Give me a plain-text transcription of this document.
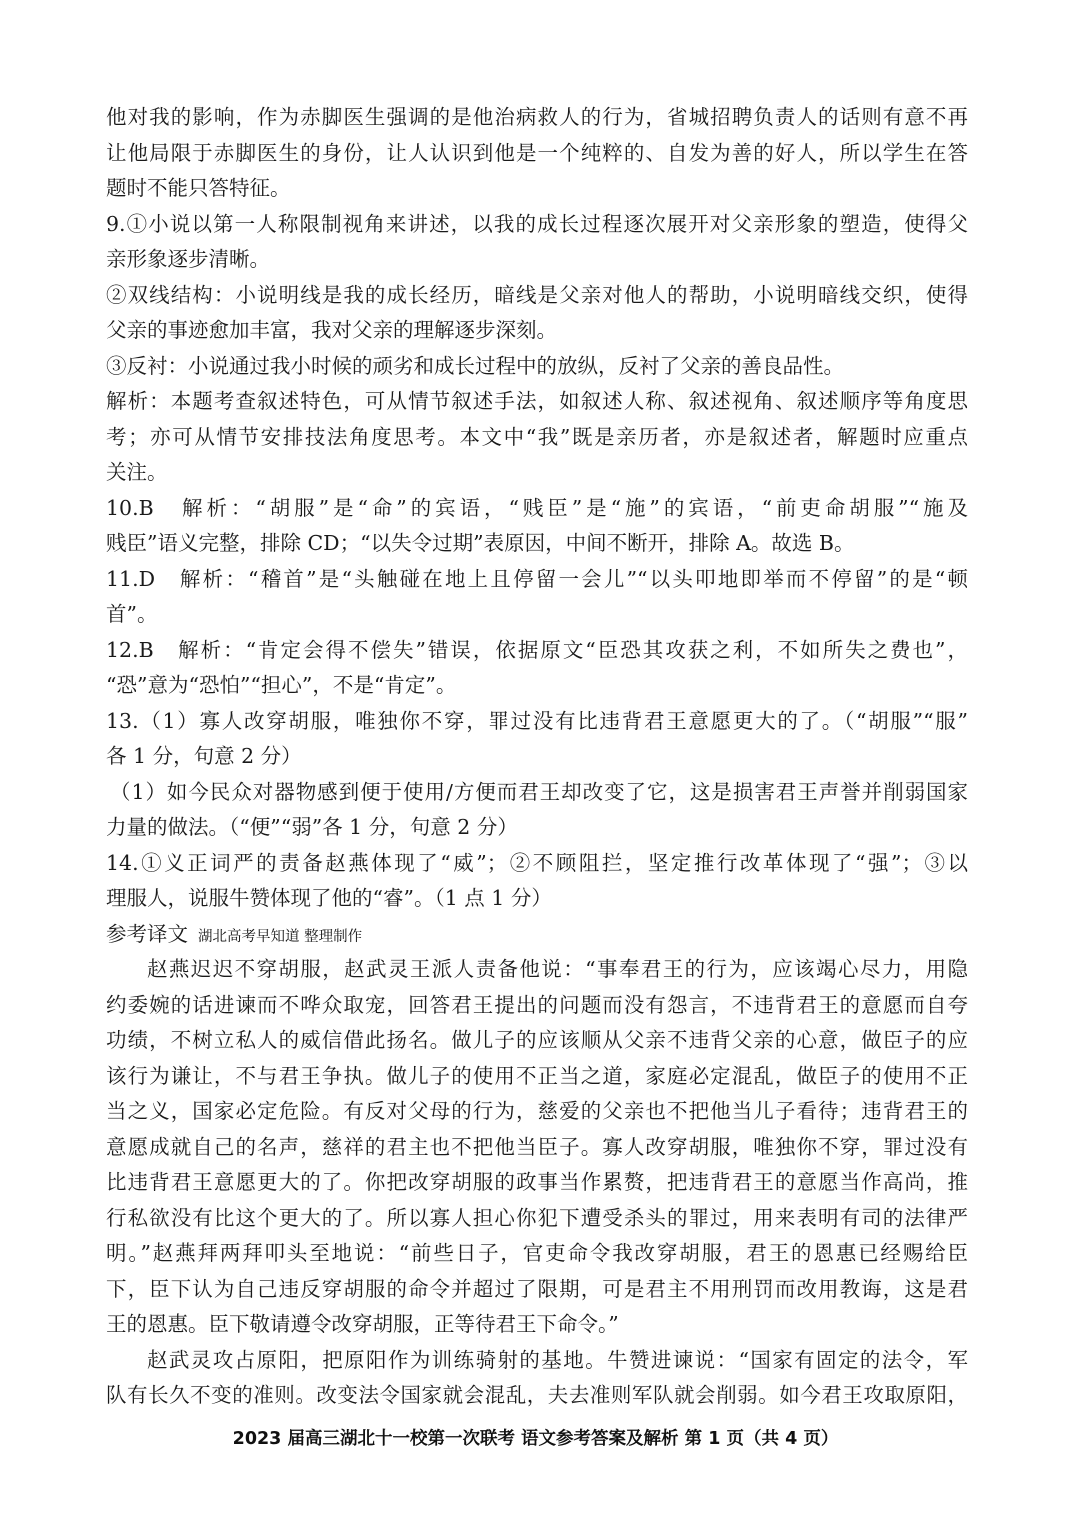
他对我的影响，作为赤脚医生强调的是他治病救人的行为，省城招聘负责人的话则有意不再
让他局限于赤脚医生的身份，让人认识到他是一个纯粹的、自发为善的好人，所以学生在答
题时不能只答特征。
9.①小说以第一人称限制视角来讲述，以我的成长过程逐次展开对父亲形象的塑造，使得父
亲形象逐步清晰。
②双线结构：小说明线是我的成长经历，暗线是父亲对他人的帮助，小说明暗线交织，使得
父亲的事迹愈加丰富，我对父亲的理解逐步深刻。
③反衬：小说通过我小时候的顽劣和成长过程中的放纵，反衬了父亲的善良品性。
解析：本题考查叙述特色，可从情节叙述手法，如叙述人称、叙述视角、叙述顺序等角度思
考；亦可从情节安排技法角度思考。本文中“我”既是亲历者，亦是叙述者，解题时应重点
关注。
10.B　解析：“胡服”是“命”的宾语，“贱臣”是“施”的宾语，“前吏命胡服”“施及
贱臣”语义完整，排除 CD；“以失令过期”表原因，中间不断开，排除 A。故选 B。
11.D　解析：“稽首”是“头触碰在地上且停留一会儿”“以头叩地即举而不停留”的是“顿
首”。
12.B　解析：“肯定会得不偿失”错误，依据原文“臣恐其攻获之利，不如所失之费也”，
“恐”意为“恐怕”“担心”，不是“肯定”。
13.（1）寡人改穿胡服，唯独你不穿，罪过没有比违背君王意愿更大的了。（“胡服”“服”
各 1 分，句意 2 分）
（1）如今民众对器物感到便于使用/方便而君王却改变了它，这是损害君王声誉并削弱国家
力量的做法。（“便”“弱”各 1 分，句意 2 分）
14.①义正词严的责备赵燕体现了“威”；②不顾阻拦，坚定推行改革体现了“强”；③以
理服人，说服牛赞体现了他的“睿”。（1 点 1 分）
参考译文 湖北高考早知道 整理制作
赵燕迟迟不穿胡服，赵武灵王派人责备他说：“事奉君王的行为，应该竭心尽力，用隐
约委婉的话进谏而不哗众取宠，回答君王提出的问题而没有怨言，不违背君王的意愿而自夸
功绩，不树立私人的威信借此扬名。做儿子的应该顺从父亲不违背父亲的心意，做臣子的应
该行为谦让，不与君王争执。做儿子的使用不正当之道，家庭必定混乱，做臣子的使用不正
当之义，国家必定危险。有反对父母的行为，慈爱的父亲也不把他当儿子看待；违背君王的
意愿成就自己的名声，慈祥的君主也不把他当臣子。寡人改穿胡服，唯独你不穿，罪过没有
比违背君王意愿更大的了。你把改穿胡服的政事当作累赘，把违背君王的意愿当作高尚，推
行私欲没有比这个更大的了。所以寡人担心你犯下遭受杀头的罪过，用来表明有司的法律严
明。”赵燕拜两拜叩头至地说：“前些日子，官吏命令我改穿胡服，君王的恩惠已经赐给臣
下，臣下认为自己违反穿胡服的命令并超过了限期，可是君主不用刑罚而改用教诲，这是君
王的恩惠。臣下敬请遵令改穿胡服，正等待君王下命令。”
赵武灵攻占原阳，把原阳作为训练骑射的基地。牛赞进谏说：“国家有固定的法令，军
队有长久不变的准则。改变法令国家就会混乱，夫去准则军队就会削弱。如今君王攻取原阳，
2023 届高三湖北十一校第一次联考 语文参考答案及解析 第 1 页（共 4 页）
